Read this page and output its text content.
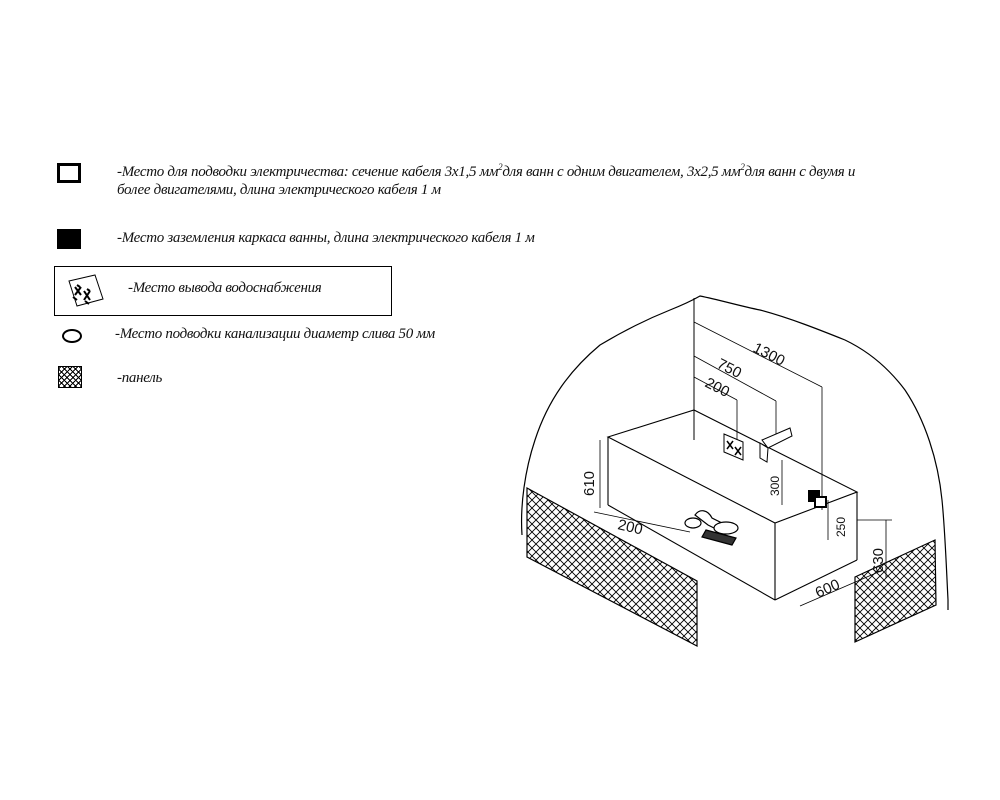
-Место для подводки электричества: сечение кабеля 3х1,5 $мм^2для$ ванн с одним двигателем, 3х2,5 $мм^2для$ ванн с двумя и
более двигателями, длина электрического кабеля 1 м
-Место заземления каркаса ванны, длина электрического кабеля 1 м
-Место вывода водоснабжения
-Место подводки канализации диаметр слива 50 мм
-панель
1300
750
200
610	300
250
200
630
600
